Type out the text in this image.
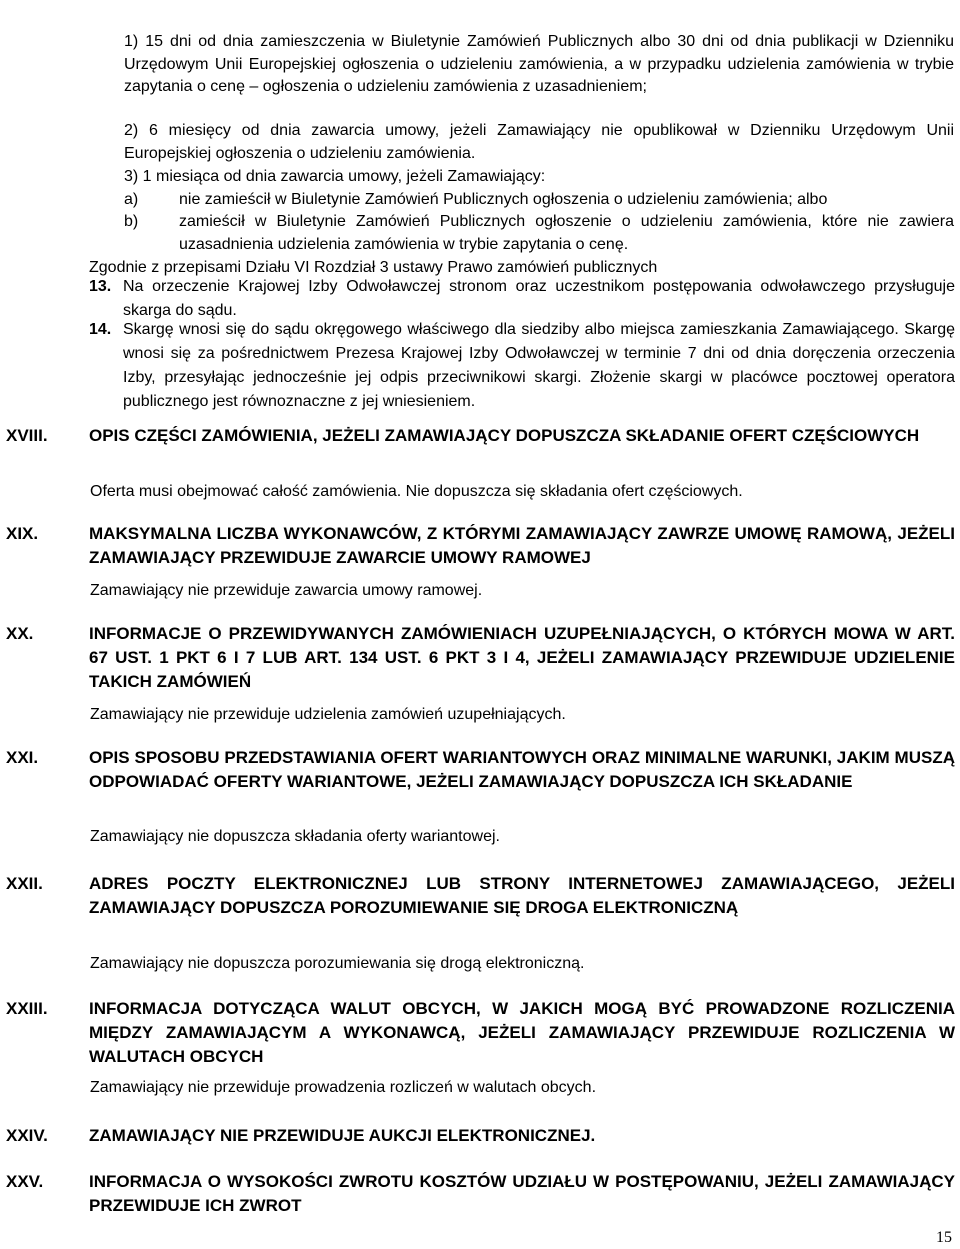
1) 15 dni od dnia zamieszczenia w Biuletynie Zamówień Publicznych albo 30 dni od dnia publikacji w Dzienniku Urzędowym Unii Europejskiej ogłoszenia o udzieleniu zamówienia, a w przypadku udzielenia zamówienia w trybie zapytania o cenę – ogłoszenia o udzieleniu zamówienia z uzasadnieniem;
2) 6 miesięcy od dnia zawarcia umowy, jeżeli Zamawiający nie opublikował w Dzienniku Urzędowym Unii Europejskiej ogłoszenia o udzieleniu zamówienia.
3) 1 miesiąca od dnia zawarcia umowy, jeżeli Zamawiający:
a)	nie zamieścił w Biuletynie Zamówień Publicznych ogłoszenia o udzieleniu zamówienia; albo
b)	zamieścił w Biuletynie Zamówień Publicznych ogłoszenie o udzieleniu zamówienia, które nie zawiera uzasadnienia udzielenia zamówienia w trybie zapytania o cenę.
Zgodnie z przepisami Działu VI Rozdział 3 ustawy Prawo zamówień publicznych
13. Na orzeczenie Krajowej Izby Odwoławczej stronom oraz uczestnikom postępowania odwoławczego przysługuje skarga do sądu.
14. Skargę wnosi się do sądu okręgowego właściwego dla siedziby albo miejsca zamieszkania Zamawiającego. Skargę wnosi się za pośrednictwem Prezesa Krajowej Izby Odwoławczej w terminie 7 dni od dnia doręczenia orzeczenia Izby, przesyłając jednocześnie jej odpis przeciwnikowi skargi. Złożenie skargi w placówce pocztowej operatora publicznego jest równoznaczne z jej wniesieniem.
XVIII. OPIS CZĘŚCI ZAMÓWIENIA, JEŻELI ZAMAWIAJĄCY DOPUSZCZA SKŁADANIE OFERT CZĘŚCIOWYCH
Oferta musi obejmować całość zamówienia. Nie dopuszcza się składania ofert częściowych.
XIX.	MAKSYMALNA LICZBA WYKONAWCÓW, Z KTÓRYMI ZAMAWIAJĄCY ZAWRZE UMOWĘ RAMOWĄ, JEŻELI ZAMAWIAJĄCY PRZEWIDUJE ZAWARCIE UMOWY RAMOWEJ
Zamawiający nie przewiduje zawarcia umowy ramowej.
XX.	INFORMACJE O PRZEWIDYWANYCH ZAMÓWIENIACH UZUPEŁNIAJĄCYCH, O KTÓRYCH MOWA W ART. 67 UST. 1 PKT 6 I 7 LUB ART. 134 UST. 6 PKT 3 I 4, JEŻELI ZAMAWIAJĄCY PRZEWIDUJE UDZIELENIE TAKICH ZAMÓWIEŃ
Zamawiający nie przewiduje udzielenia zamówień uzupełniających.
XXI.	OPIS SPOSOBU PRZEDSTAWIANIA OFERT WARIANTOWYCH ORAZ MINIMALNE WARUNKI, JAKIM MUSZĄ ODPOWIADAĆ OFERTY WARIANTOWE, JEŻELI ZAMAWIAJĄCY DOPUSZCZA ICH SKŁADANIE
Zamawiający nie dopuszcza składania oferty wariantowej.
XXII.	ADRES POCZTY ELEKTRONICZNEJ LUB STRONY INTERNETOWEJ ZAMAWIAJĄCEGO, JEŻELI ZAMAWIAJĄCY DOPUSZCZA POROZUMIEWANIE SIĘ DROGA ELEKTRONICZNĄ
Zamawiający nie dopuszcza porozumiewania się drogą elektroniczną.
XXIII. INFORMACJA DOTYCZĄCA WALUT OBCYCH, W JAKICH MOGĄ BYĆ PROWADZONE ROZLICZENIA MIĘDZY ZAMAWIAJĄCYM A WYKONAWCĄ, JEŻELI ZAMAWIAJĄCY PRZEWIDUJE ROZLICZENIA W WALUTACH OBCYCH
Zamawiający nie przewiduje prowadzenia rozliczeń w walutach obcych.
XXIV. ZAMAWIAJĄCY NIE PRZEWIDUJE AUKCJI ELEKTRONICZNEJ.
XXV.	INFORMACJA O WYSOKOŚCI ZWROTU KOSZTÓW UDZIAŁU W POSTĘPOWANIU, JEŻELI ZAMAWIAJĄCY PRZEWIDUJE ICH ZWROT
15
